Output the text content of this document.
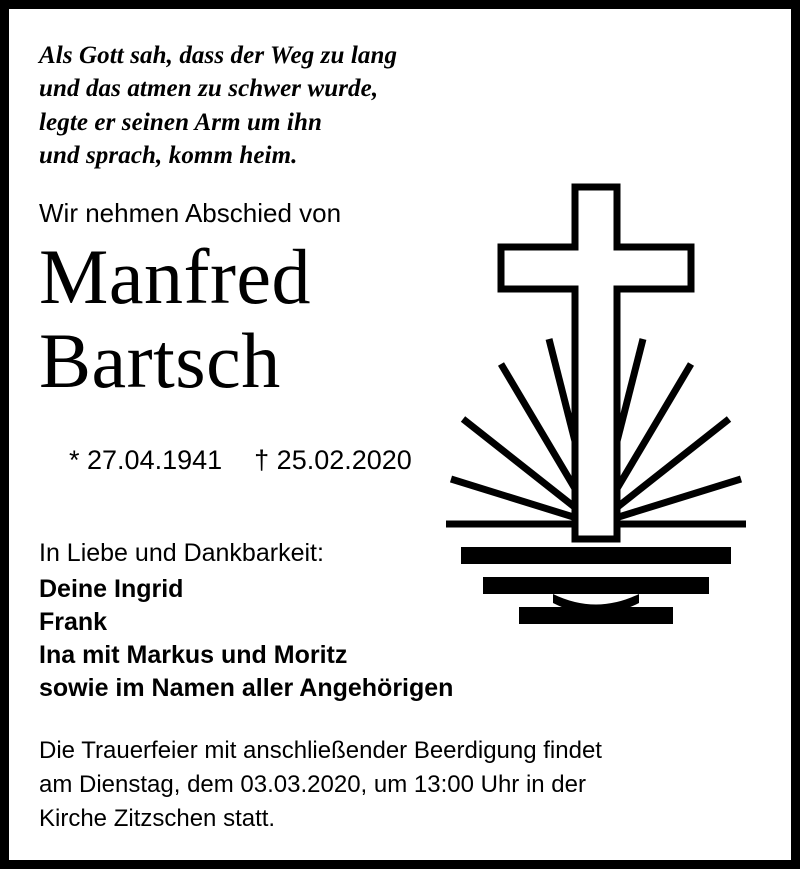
Als Gott sah, dass der Weg zu lang
und das atmen zu schwer wurde,
legte er seinen Arm um ihn
und sprach, komm heim.
Wir nehmen Abschied von
Manfred
Bartsch

* 27.04.1941 † 25.02.2020

In Liebe und Dankbarkeit:
Deine Ingrid
Frank
Ina mit Markus und Moritz
sowie im Namen aller Angehörigen
Die Trauerfeier mit anschließender Beerdigung findet
am Dienstag, dem 03.03.2020, um 13:00 Uhr in der
Kirche Zitzschen statt.
